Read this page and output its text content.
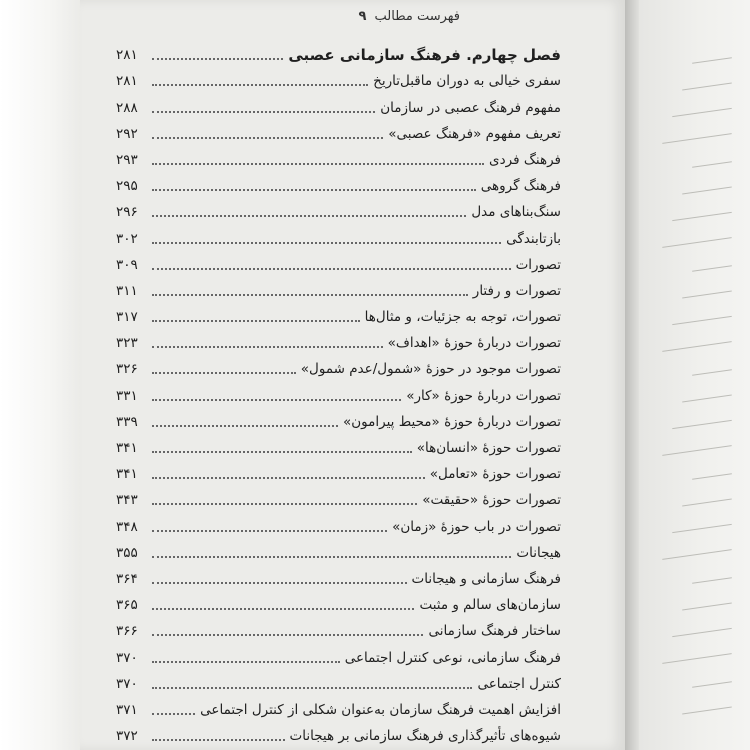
فهرست مطالب ۹
فصل چهارم. فرهنگ سازمانی عصبی
۲۸۱
سفری خیالی به دوران ماقبل‌تاریخ
۲۸۱
مفهوم فرهنگ عصبی در سازمان
۲۸۸
تعریف مفهوم «فرهنگ عصبی»
۲۹۲
فرهنگ فردی
۲۹۳
فرهنگ گروهی
۲۹۵
سنگ‌بناهای مدل
۲۹۶
بازتابندگی
۳۰۲
تصورات
۳۰۹
تصورات و رفتار
۳۱۱
تصورات، توجه به جزئیات، و مثال‌ها
۳۱۷
تصورات دربارهٔ حوزهٔ «اهداف»
۳۲۳
تصورات موجود در حوزهٔ «شمول/عدم شمول»
۳۲۶
تصورات دربارهٔ حوزهٔ «کار»
۳۳۱
تصورات دربارهٔ حوزهٔ «محیط پیرامون»
۳۳۹
تصورات حوزهٔ «انسان‌ها»
۳۴۱
تصورات حوزهٔ «تعامل»
۳۴۱
تصورات حوزهٔ «حقیقت»
۳۴۳
تصورات در باب حوزهٔ «زمان»
۳۴۸
هیجانات
۳۵۵
فرهنگ سازمانی و هیجانات
۳۶۴
سازمان‌های سالم و مثبت
۳۶۵
ساختار فرهنگ سازمانی
۳۶۶
فرهنگ سازمانی، نوعی کنترل اجتماعی
۳۷۰
کنترل اجتماعی
۳۷۰
افزایش اهمیت فرهنگ سازمان به‌عنوان شکلی از کنترل اجتماعی
۳۷۱
شیوه‌های تأثیرگذاری فرهنگ سازمانی بر هیجانات
۳۷۲
